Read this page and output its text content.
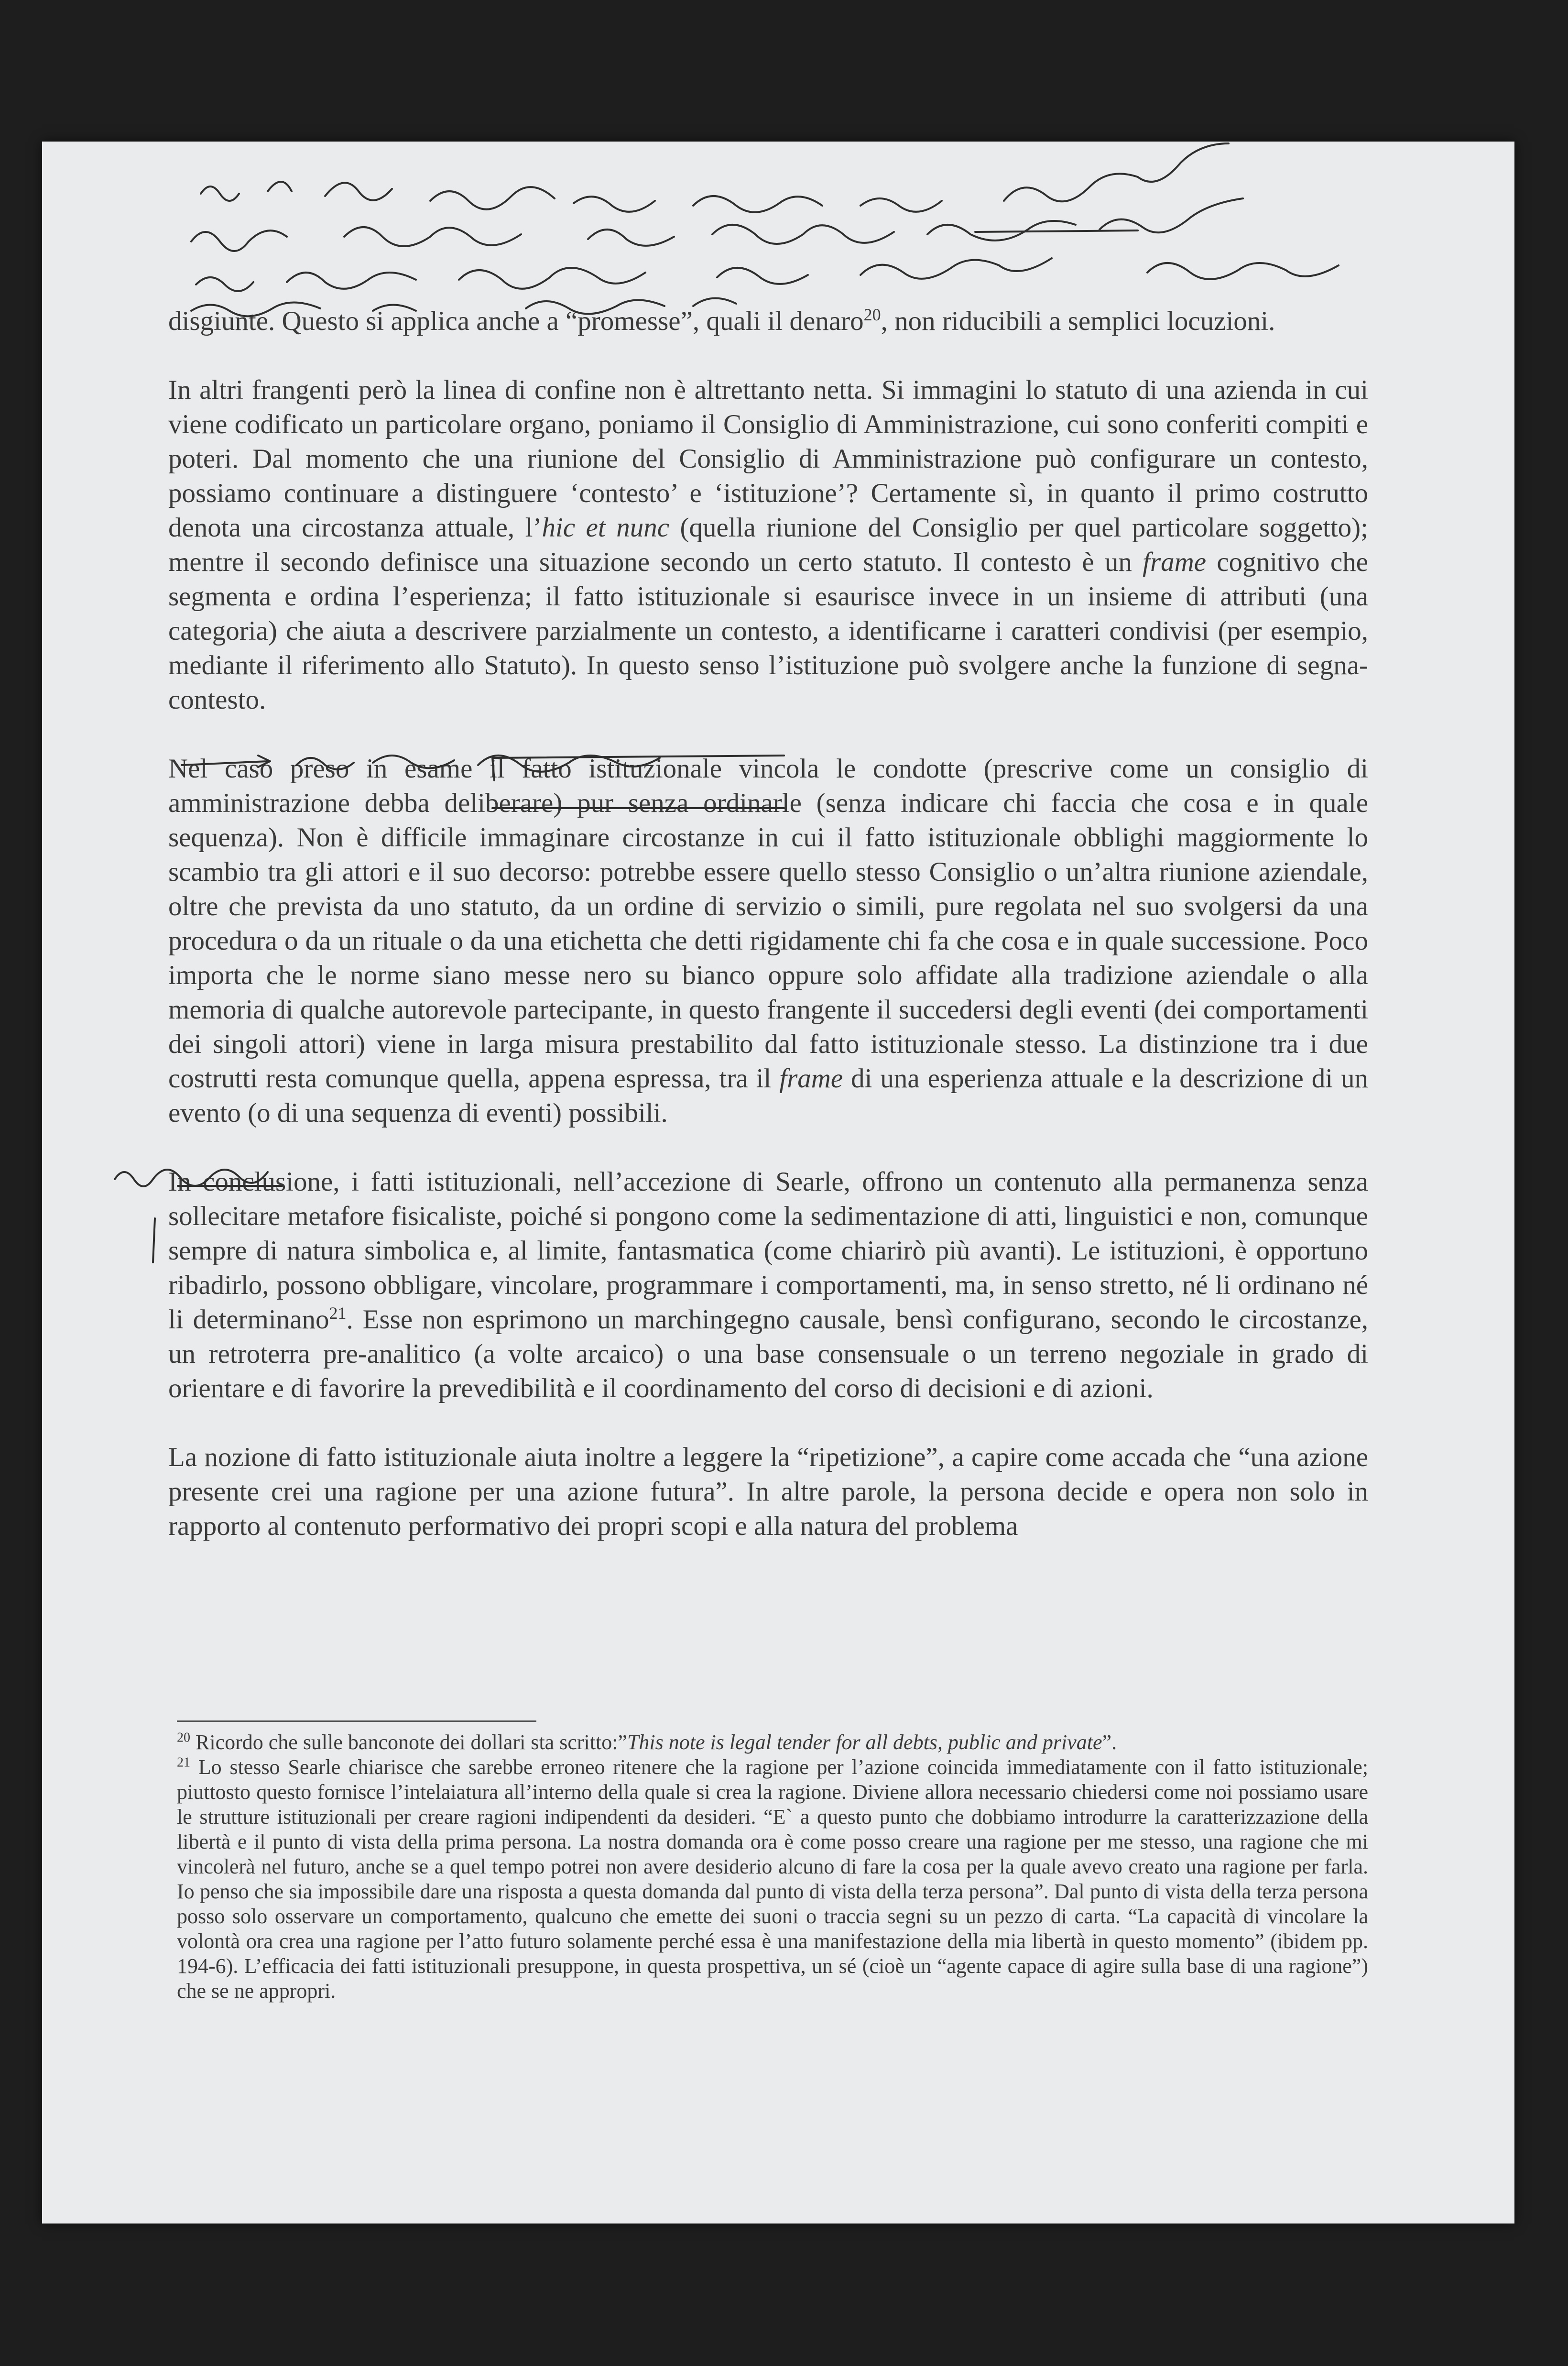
disgiunte. Questo si applica anche a “promesse”, quali il denaro$^{20}$, non riducibili a semplici locuzioni.

In altri frangenti però la linea di confine non è altrettanto netta. Si immagini lo statuto di una azienda in cui viene codificato un particolare organo, poniamo il Consiglio di Amministrazione, cui sono conferiti compiti e poteri. Dal momento che una riunione del Consiglio di Amministrazione può configurare un contesto, possiamo continuare a distinguere ‘contesto’ e ‘istituzione’? Certamente sì, in quanto il primo costrutto denota una circostanza attuale, l’hic et nunc (quella riunione del Consiglio per quel particolare soggetto); mentre il secondo definisce una situazione secondo un certo statuto. Il contesto è un frame cognitivo che segmenta e ordina l’esperienza; il fatto istituzionale si esaurisce invece in un insieme di attributi (una categoria) che aiuta a descrivere parzialmente un contesto, a identificarne i caratteri condivisi (per esempio, mediante il riferimento allo Statuto). In questo senso l’istituzione può svolgere anche la funzione di segna-contesto.

Nel caso preso in esame il fatto istituzionale vincola le condotte (prescrive come un consiglio di amministrazione debba deliberare) pur senza ordinarle (senza indicare chi faccia che cosa e in quale sequenza). Non è difficile immaginare circostanze in cui il fatto istituzionale obblighi maggiormente lo scambio tra gli attori e il suo decorso: potrebbe essere quello stesso Consiglio o un’altra riunione aziendale, oltre che prevista da uno statuto, da un ordine di servizio o simili, pure regolata nel suo svolgersi da una procedura o da un rituale o da una etichetta che detti rigidamente chi fa che cosa e in quale successione. Poco importa che le norme siano messe nero su bianco oppure solo affidate alla tradizione aziendale o alla memoria di qualche autorevole partecipante, in questo frangente il succedersi degli eventi (dei comportamenti dei singoli attori) viene in larga misura prestabilito dal fatto istituzionale stesso. La distinzione tra i due costrutti resta comunque quella, appena espressa, tra il frame di una esperienza attuale e la descrizione di un evento (o di una sequenza di eventi) possibili.

In conclusione, i fatti istituzionali, nell’accezione di Searle, offrono un contenuto alla permanenza senza sollecitare metafore fisicaliste, poiché si pongono come la sedimentazione di atti, linguistici e non, comunque sempre di natura simbolica e, al limite, fantasmatica (come chiarirò più avanti). Le istituzioni, è opportuno ribadirlo, possono obbligare, vincolare, programmare i comportamenti, ma, in senso stretto, né li ordinano né li determinano$^{21}$. Esse non esprimono un marchingegno causale, bensì configurano, secondo le circostanze, un retroterra pre-analitico (a volte arcaico) o una base consensuale o un terreno negoziale in grado di orientare e di favorire la prevedibilità e il coordinamento del corso di decisioni e di azioni.

La nozione di fatto istituzionale aiuta inoltre a leggere la “ripetizione”, a capire come accada che “una azione presente crei una ragione per una azione futura”. In altre parole, la persona decide e opera non solo in rapporto al contenuto performativo dei propri scopi e alla natura del problema

$^{20}$ Ricordo che sulle banconote dei dollari sta scritto:”This note is legal tender for all debts, public and private”.

$^{21}$ Lo stesso Searle chiarisce che sarebbe erroneo ritenere che la ragione per l’azione coincida immediatamente con il fatto istituzionale; piuttosto questo fornisce l’intelaiatura all’interno della quale si crea la ragione. Diviene allora necessario chiedersi come noi possiamo usare le strutture istituzionali per creare ragioni indipendenti da desideri. “E` a questo punto che dobbiamo introdurre la caratterizzazione della libertà e il punto di vista della prima persona. La nostra domanda ora è come posso creare una ragione per me stesso, una ragione che mi vincolerà nel futuro, anche se a quel tempo potrei non avere desiderio alcuno di fare la cosa per la quale avevo creato una ragione per farla. Io penso che sia impossibile dare una risposta a questa domanda dal punto di vista della terza persona”. Dal punto di vista della terza persona posso solo osservare un comportamento, qualcuno che emette dei suoni o traccia segni su un pezzo di carta. “La capacità di vincolare la volontà ora crea una ragione per l’atto futuro solamente perché essa è una manifestazione della mia libertà in questo momento” (ibidem pp. 194-6). L’efficacia dei fatti istituzionali presuppone, in questa prospettiva, un sé (cioè un “agente capace di agire sulla base di una ragione”) che se ne appropri.
